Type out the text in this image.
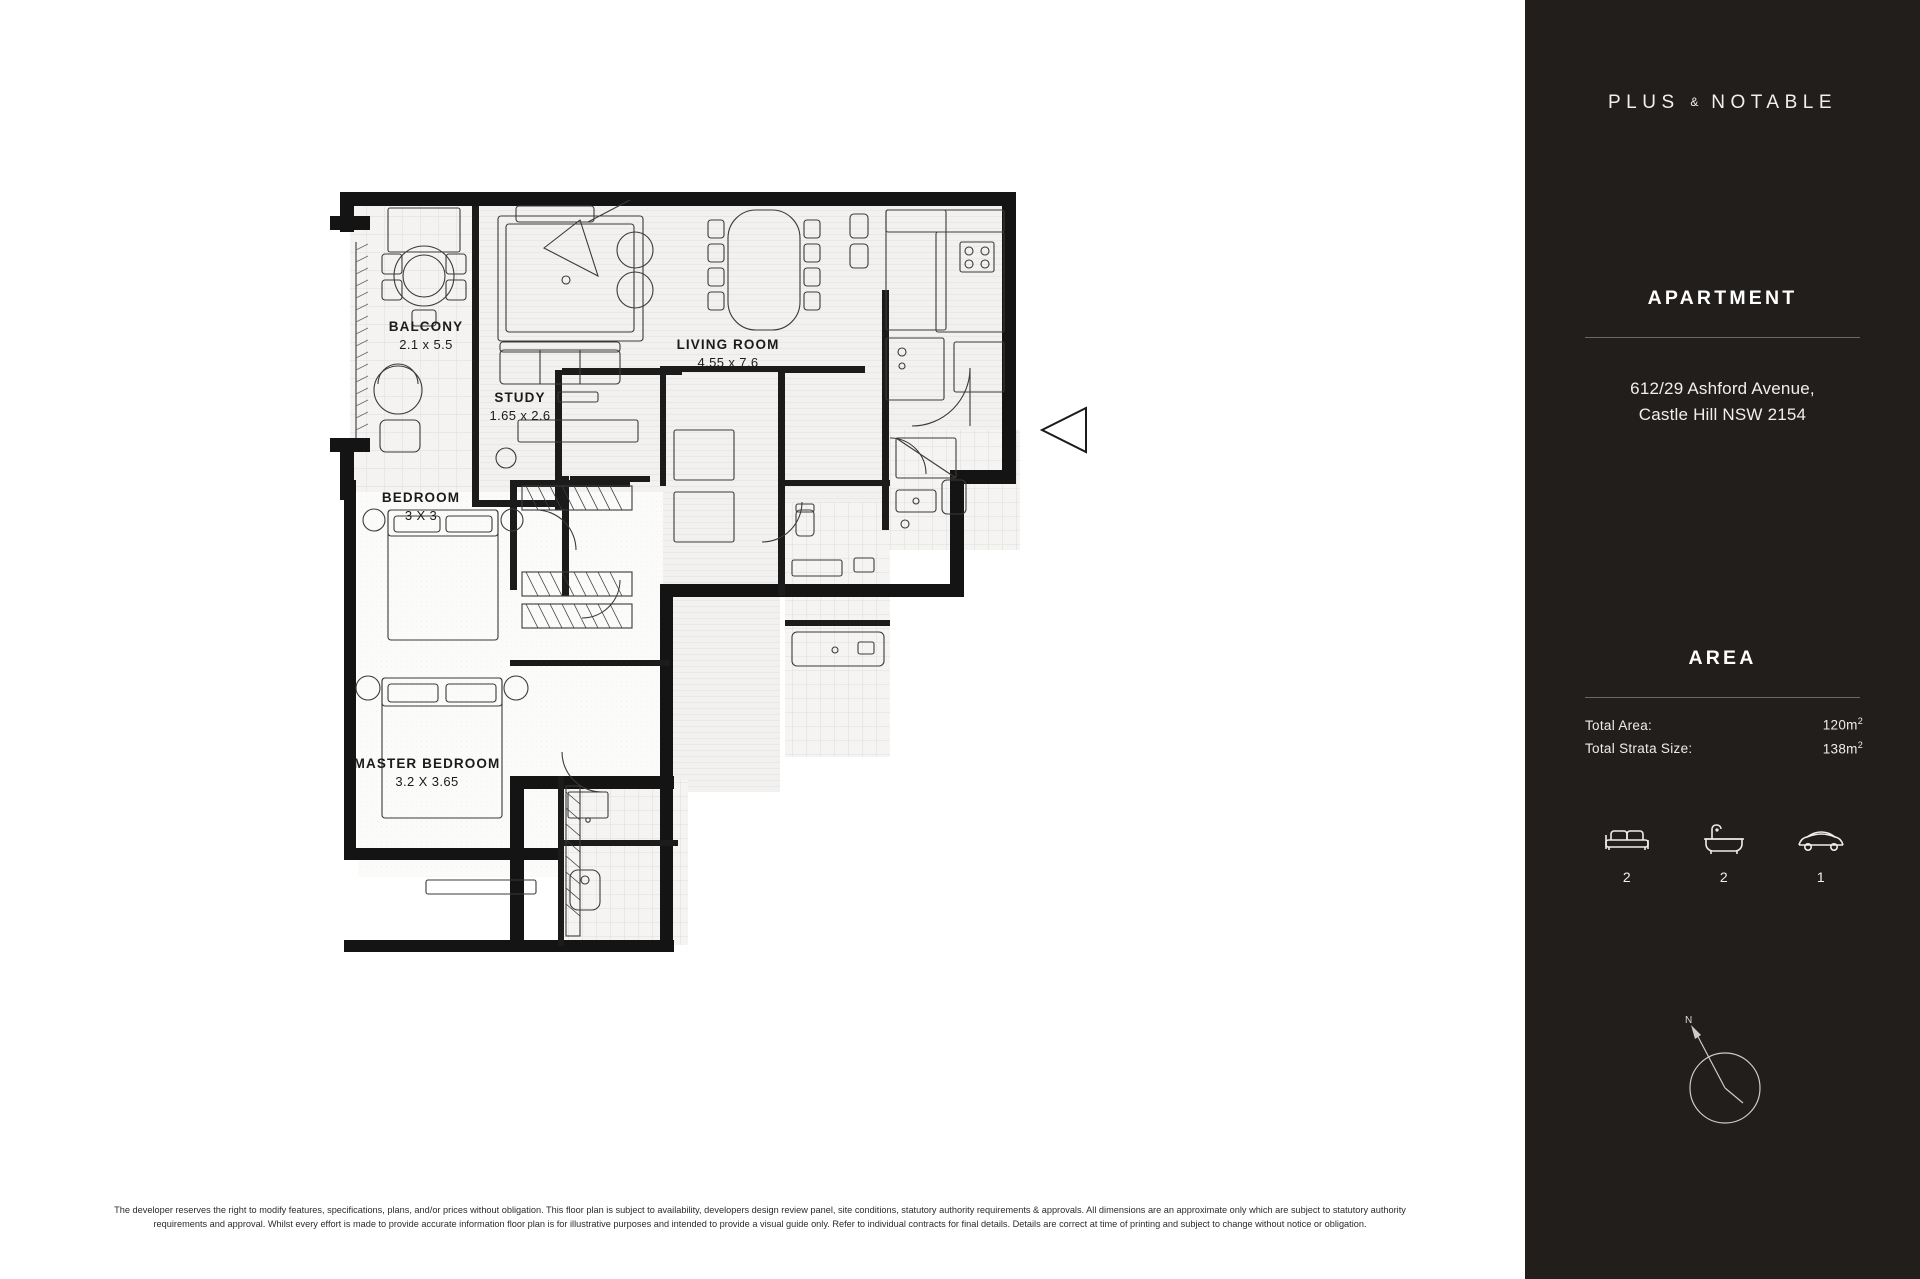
BALCONY
2.1 x 5.5
STUDY
1.65 x 2.6
LIVING ROOM
4.55 x 7.6
BEDROOM
3 X 3
MASTER BEDROOM
3.2 X 3.65
The developer reserves the right to modify features, specifications, plans, and/or prices without obligation. This floor plan is subject to availability, developers design review panel, site conditions, statutory authority requirements & approvals. All dimensions are an approximate only which are subject to statutory authority requirements and approval. Whilst every effort is made to provide accurate information floor plan is for illustrative purposes and intended to provide a visual guide only. Refer to individual contracts for final details. Details are correct at time of printing and subject to change without notice or obligation.
PLUS & NOTABLE
APARTMENT
612/29 Ashford Avenue,
Castle Hill NSW 2154
AREA
Total Area:	$120m^2$
Total Strata Size:	$138m^2$
2	2	1
N
